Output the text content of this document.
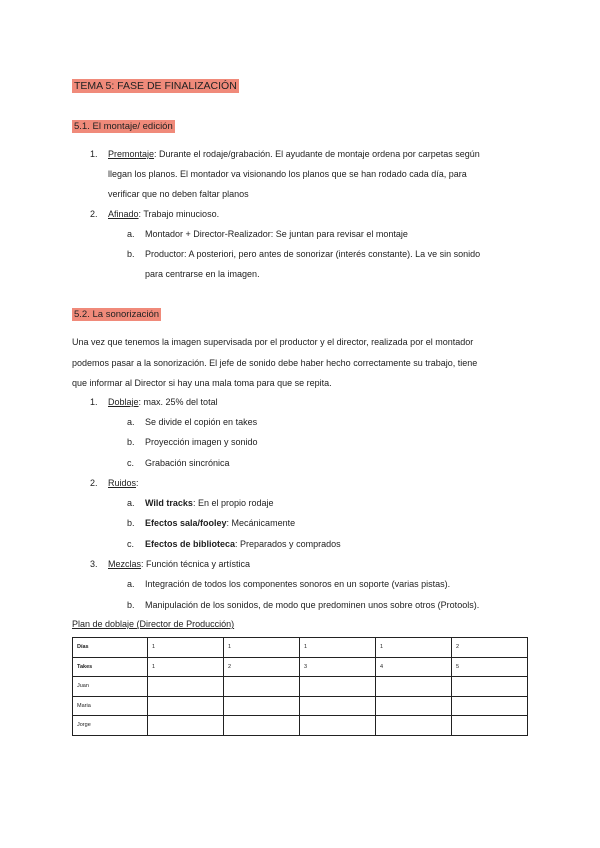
TEMA 5: FASE DE FINALIZACIÓN
5.1. El montaje/ edición
1. Premontaje: Durante el rodaje/grabación. El ayudante de montaje ordena por carpetas según
llegan los planos. El montador va visionando los planos que se han rodado cada día, para
verificar que no deben faltar planos
2. Afinado: Trabajo minucioso.
a. Montador + Director-Realizador: Se juntan para revisar el montaje
b. Productor: A posteriori, pero antes de sonorizar (interés constante). La ve sin sonido
para centrarse en la imagen.
5.2. La sonorización
Una vez que tenemos la imagen supervisada por el productor y el director, realizada por el montador
podemos pasar a la sonorización. El jefe de sonido debe haber hecho correctamente su trabajo, tiene
que informar al Director si hay una mala toma para que se repita.
1. Doblaje: max. 25% del total
a. Se divide el copión en takes
b. Proyección imagen y sonido
c. Grabación sincrónica
2. Ruidos:
a. Wild tracks: En el propio rodaje
b. Efectos sala/fooley: Mecánicamente
c. Efectos de biblioteca: Preparados y comprados
3. Mezclas: Función técnica y artística
a. Integración de todos los componentes sonoros en un soporte (varias pistas).
b. Manipulación de los sonidos, de modo que predominen unos sobre otros (Protools).
Plan de doblaje (Director de Producción)
Días	1	1	1	1	2
Takes	1	2	3	4	5
Juan					
Maria					
Jorge					
